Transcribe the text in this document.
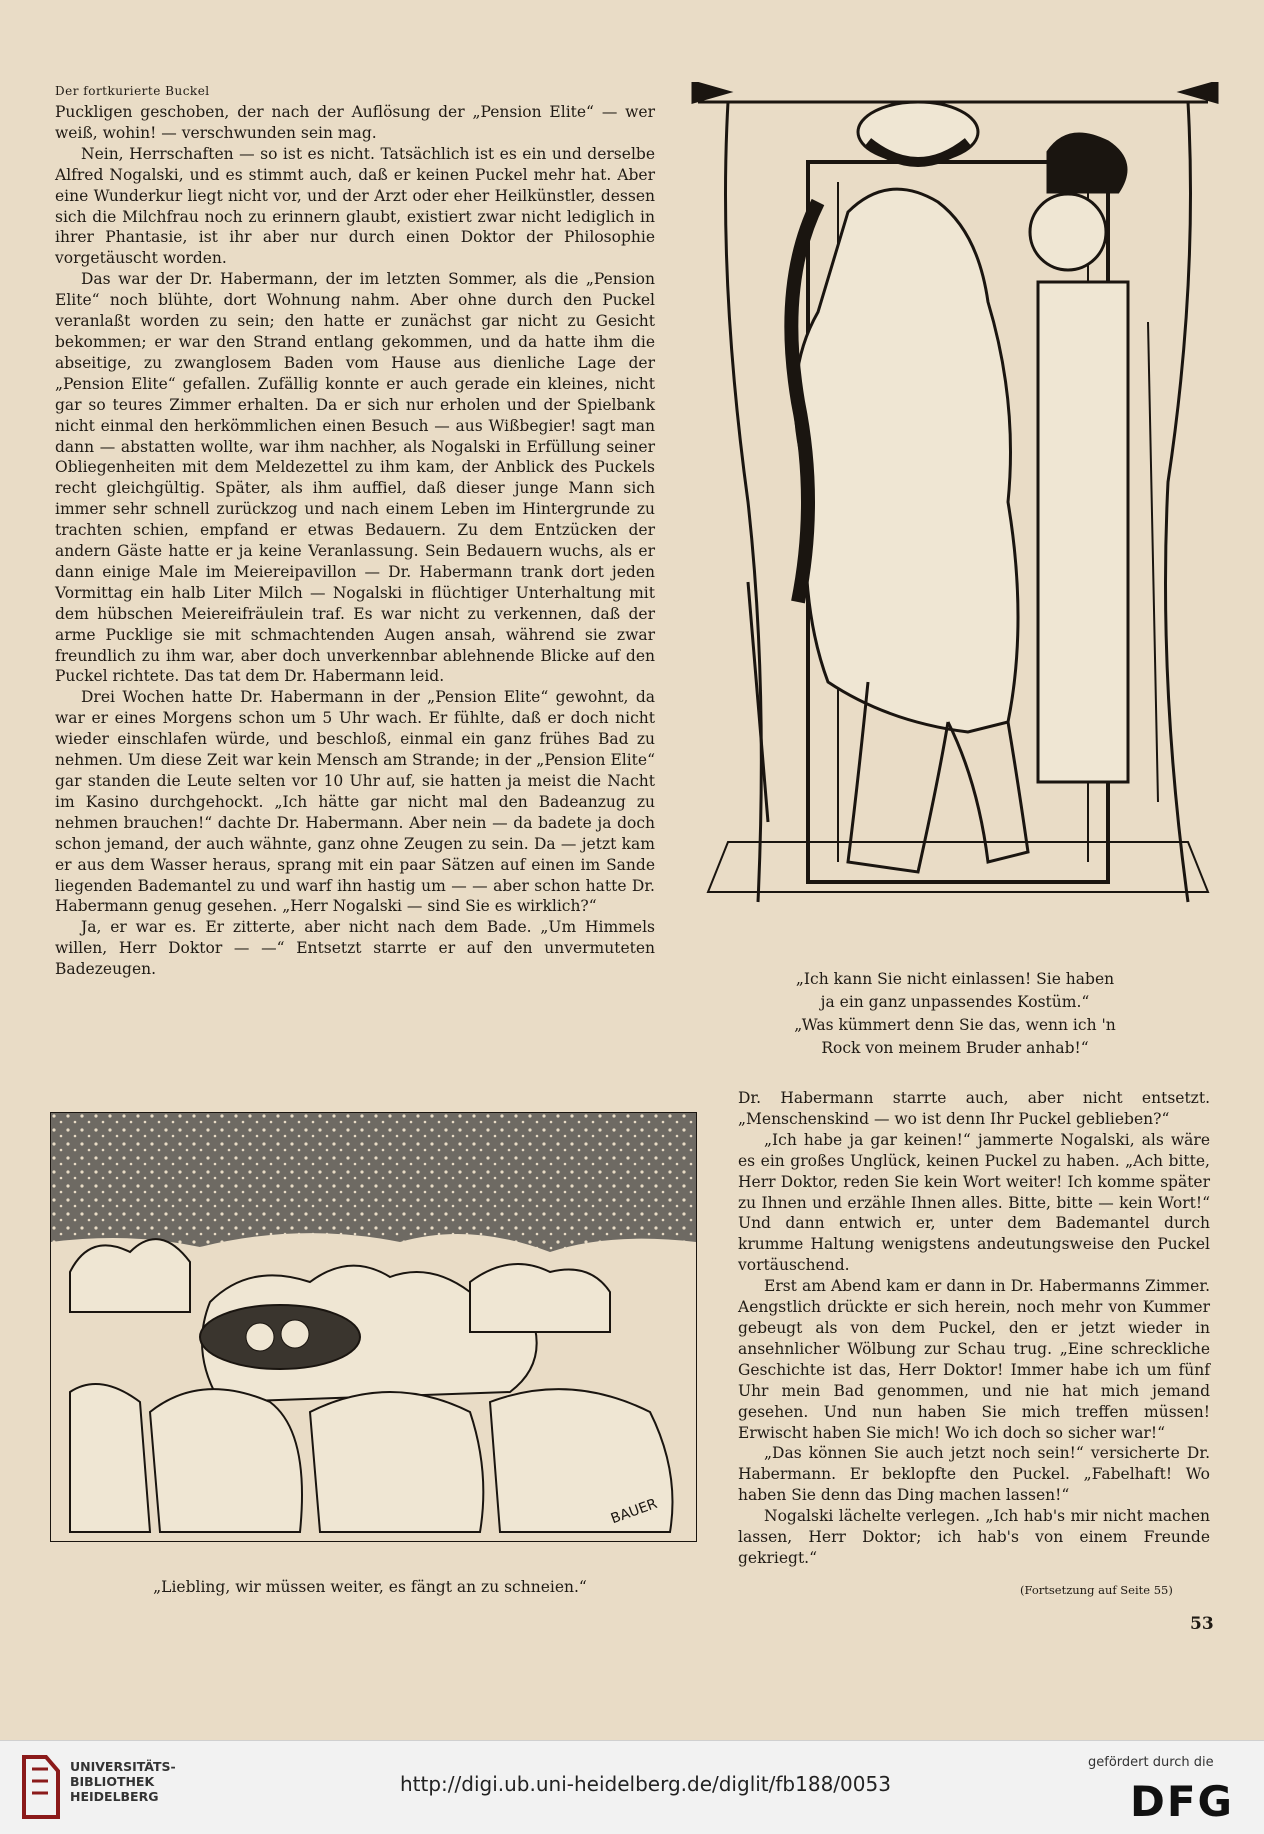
Der fortkurierte Buckel

Puckligen geschoben, der nach der Auflösung der „Pension Elite“ — wer weiß, wohin! — verschwunden sein mag.

Nein, Herrschaften — so ist es nicht. Tatsächlich ist es ein und derselbe Alfred Nogalski, und es stimmt auch, daß er keinen Puckel mehr hat. Aber eine Wunderkur liegt nicht vor, und der Arzt oder eher Heilkünstler, dessen sich die Milchfrau noch zu erinnern glaubt, existiert zwar nicht lediglich in ihrer Phantasie, ist ihr aber nur durch einen Doktor der Philosophie vorgetäuscht worden.

Das war der Dr. Habermann, der im letzten Sommer, als die „Pension Elite“ noch blühte, dort Wohnung nahm. Aber ohne durch den Puckel veranlaßt worden zu sein; den hatte er zunächst gar nicht zu Gesicht bekommen; er war den Strand entlang gekommen, und da hatte ihm die abseitige, zu zwanglosem Baden vom Hause aus dienliche Lage der „Pension Elite“ gefallen. Zufällig konnte er auch gerade ein kleines, nicht gar so teures Zimmer erhalten. Da er sich nur erholen und der Spielbank nicht einmal den herkömmlichen einen Besuch — aus Wißbegier! sagt man dann — abstatten wollte, war ihm nachher, als Nogalski in Erfüllung seiner Obliegenheiten mit dem Meldezettel zu ihm kam, der Anblick des Puckels recht gleichgültig. Später, als ihm auffiel, daß dieser junge Mann sich immer sehr schnell zurückzog und nach einem Leben im Hintergrunde zu trachten schien, empfand er etwas Bedauern. Zu dem Entzücken der andern Gäste hatte er ja keine Veranlassung. Sein Bedauern wuchs, als er dann einige Male im Meiereipavillon — Dr. Habermann trank dort jeden Vormittag ein halb Liter Milch — Nogalski in flüchtiger Unterhaltung mit dem hübschen Meiereifräulein traf. Es war nicht zu verkennen, daß der arme Pucklige sie mit schmachtenden Augen ansah, während sie zwar freundlich zu ihm war, aber doch unverkennbar ablehnende Blicke auf den Puckel richtete. Das tat dem Dr. Habermann leid.

Drei Wochen hatte Dr. Habermann in der „Pension Elite“ gewohnt, da war er eines Morgens schon um 5 Uhr wach. Er fühlte, daß er doch nicht wieder einschlafen würde, und beschloß, einmal ein ganz frühes Bad zu nehmen. Um diese Zeit war kein Mensch am Strande; in der „Pension Elite“ gar standen die Leute selten vor 10 Uhr auf, sie hatten ja meist die Nacht im Kasino durchgehockt. „Ich hätte gar nicht mal den Badeanzug zu nehmen brauchen!“ dachte Dr. Habermann. Aber nein — da badete ja doch schon jemand, der auch wähnte, ganz ohne Zeugen zu sein. Da — jetzt kam er aus dem Wasser heraus, sprang mit ein paar Sätzen auf einen im Sande liegenden Bademantel zu und warf ihn hastig um — — aber schon hatte Dr. Habermann genug gesehen. „Herr Nogalski — sind Sie es wirklich?“

Ja, er war es. Er zitterte, aber nicht nach dem Bade. „Um Himmels willen, Herr Doktor — —“ Entsetzt starrte er auf den unvermuteten Badezeugen.

„Ich kann Sie nicht einlassen! Sie haben
ja ein ganz unpassendes Kostüm.“
„Was kümmert denn Sie das, wenn ich 'n
Rock von meinem Bruder anhab!“

Dr. Habermann starrte auch, aber nicht entsetzt. „Menschenskind — wo ist denn Ihr Puckel geblieben?“

„Ich habe ja gar keinen!“ jammerte Nogalski, als wäre es ein großes Unglück, keinen Puckel zu haben. „Ach bitte, Herr Doktor, reden Sie kein Wort weiter! Ich komme später zu Ihnen und erzähle Ihnen alles. Bitte, bitte — kein Wort!“ Und dann entwich er, unter dem Bademantel durch krumme Haltung wenigstens andeutungsweise den Puckel vortäuschend.

Erst am Abend kam er dann in Dr. Habermanns Zimmer. Aengstlich drückte er sich herein, noch mehr von Kummer gebeugt als von dem Puckel, den er jetzt wieder in ansehnlicher Wölbung zur Schau trug. „Eine schreckliche Geschichte ist das, Herr Doktor! Immer habe ich um fünf Uhr mein Bad genommen, und nie hat mich jemand gesehen. Und nun haben Sie mich treffen müssen! Erwischt haben Sie mich! Wo ich doch so sicher war!“

„Das können Sie auch jetzt noch sein!“ versicherte Dr. Habermann. Er beklopfte den Puckel. „Fabelhaft! Wo haben Sie denn das Ding machen lassen!“

Nogalski lächelte verlegen. „Ich hab's mir nicht machen lassen, Herr Doktor; ich hab's von einem Freunde gekriegt.“

BAUER
„Liebling, wir müssen weiter, es fängt an zu schneien.“	(Fortsetzung auf Seite 55)
53
UNIVERSITÄTS-
BIBLIOTHEK
HEIDELBERG
http://digi.ub.uni-heidelberg.de/diglit/fb188/0053
gefördert durch die
DFG
